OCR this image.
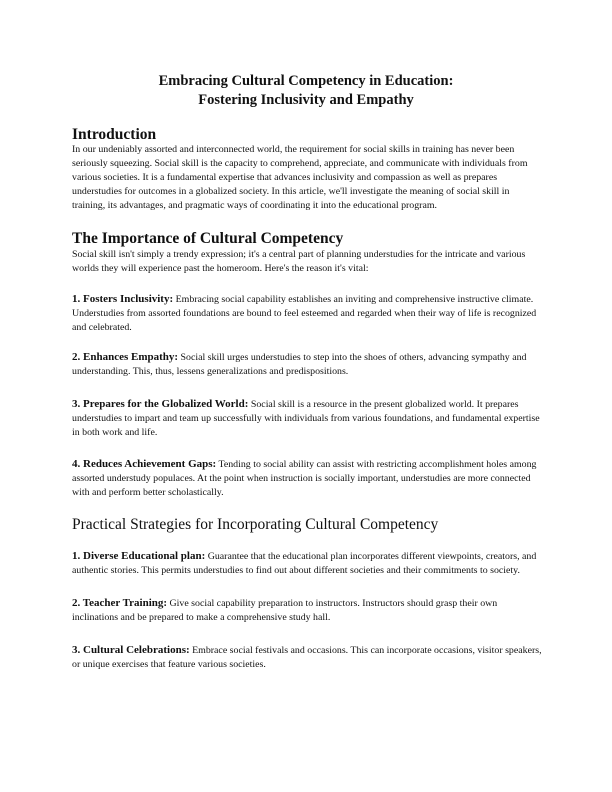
Embracing Cultural Competency in Education:
Fostering Inclusivity and Empathy
Introduction

In our undeniably assorted and interconnected world, the requirement for social skills in training has never been seriously squeezing. Social skill is the capacity to comprehend, appreciate, and communicate with individuals from various societies. It is a fundamental expertise that advances inclusivity and compassion as well as prepares understudies for outcomes in a globalized society. In this article, we'll investigate the meaning of social skill in training, its advantages, and pragmatic ways of coordinating it into the educational program.

The Importance of Cultural Competency

Social skill isn't simply a trendy expression; it's a central part of planning understudies for the intricate and various worlds they will experience past the homeroom. Here's the reason it's vital:

1. Fosters Inclusivity: Embracing social capability establishes an inviting and comprehensive instructive climate. Understudies from assorted foundations are bound to feel esteemed and regarded when their way of life is recognized and celebrated.

2. Enhances Empathy: Social skill urges understudies to step into the shoes of others, advancing sympathy and understanding. This, thus, lessens generalizations and predispositions.

3. Prepares for the Globalized World: Social skill is a resource in the present globalized world. It prepares understudies to impart and team up successfully with individuals from various foundations, and fundamental expertise in both work and life.

4. Reduces Achievement Gaps: Tending to social ability can assist with restricting accomplishment holes among assorted understudy populaces. At the point when instruction is socially important, understudies are more connected with and perform better scholastically.

Practical Strategies for Incorporating Cultural Competency

1. Diverse Educational plan: Guarantee that the educational plan incorporates different viewpoints, creators, and authentic stories. This permits understudies to find out about different societies and their commitments to society.

2. Teacher Training: Give social capability preparation to instructors. Instructors should grasp their own inclinations and be prepared to make a comprehensive study hall.

3. Cultural Celebrations: Embrace social festivals and occasions. This can incorporate occasions, visitor speakers, or unique exercises that feature various societies.
